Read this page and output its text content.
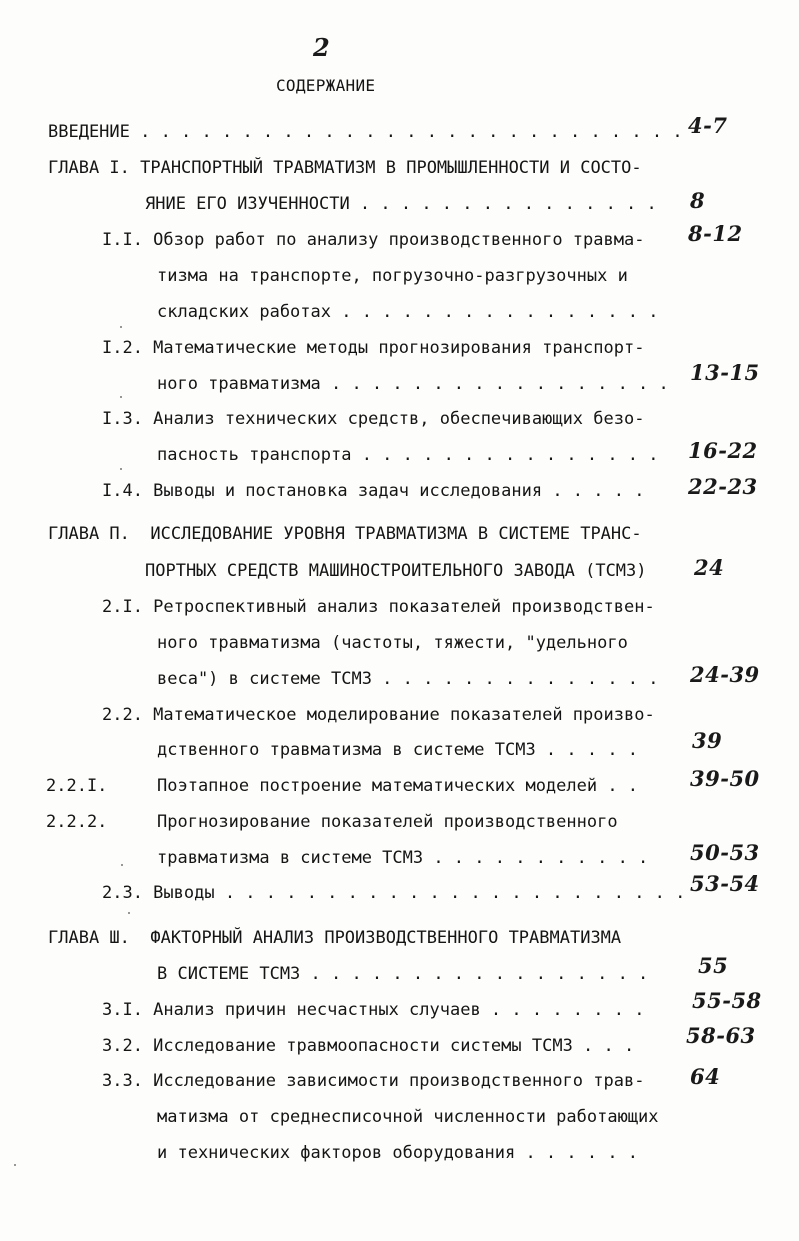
2
СОДЕРЖАНИЕ
ВВЕДЕНИЕ . . . . . . . . . . . . . . . . . . . . . . . . . . .
ГЛАВА I. ТРАНСПОРТНЫЙ ТРАВМАТИЗМ В ПРОМЫШЛЕННОСТИ И СОСТО-
ЯНИЕ ЕГО ИЗУЧЕННОСТИ . . . . . . . . . . . . . . .
I.I. Обзор работ по анализу производственного травма-
тизма на транспорте, погрузочно-разгрузочных и
складских работах . . . . . . . . . . . . . . . .
I.2. Математические методы прогнозирования транспорт-
ного травматизма . . . . . . . . . . . . . . . . .
I.3. Анализ технических средств, обеспечивающих безо-
пасность транспорта . . . . . . . . . . . . . . .
I.4. Выводы и постановка задач исследования . . . . .
ГЛАВА П.  ИССЛЕДОВАНИЕ УРОВНЯ ТРАВМАТИЗМА В СИСТЕМЕ ТРАНС-
ПОРТНЫХ СРЕДСТВ МАШИНОСТРОИТЕЛЬНОГО ЗАВОДА (ТСМЗ)
2.I. Ретроспективный анализ показателей производствен-
ного травматизма (частоты, тяжести, "удельного
веса") в системе ТСМЗ . . . . . . . . . . . . . .
2.2. Математическое моделирование показателей произво-
дственного травматизма в системе ТСМЗ . . . . .
2.2.I.	Поэтапное построение математических моделей . .
2.2.2.	Прогнозирование показателей производственного
травматизма в системе ТСМЗ . . . . . . . . . . .
2.3. Выводы . . . . . . . . . . . . . . . . . . . . . . .
ГЛАВА Ш.  ФАКТОРНЫЙ АНАЛИЗ ПРОИЗВОДСТВЕННОГО ТРАВМАТИЗМА
В СИСТЕМЕ ТСМЗ . . . . . . . . . . . . . . . . .
3.I. Анализ причин несчастных случаев . . . . . . . .
3.2. Исследование травмоопасности системы ТСМЗ . . .
3.3. Исследование зависимости производственного трав-
матизма от среднесписочной численности работающих
и технических факторов оборудования . . . . . .
4-7
8
8-12
13-15
16-22
22-23
24
24-39
39
39-50
50-53
53-54
55
55-58
58-63
64
